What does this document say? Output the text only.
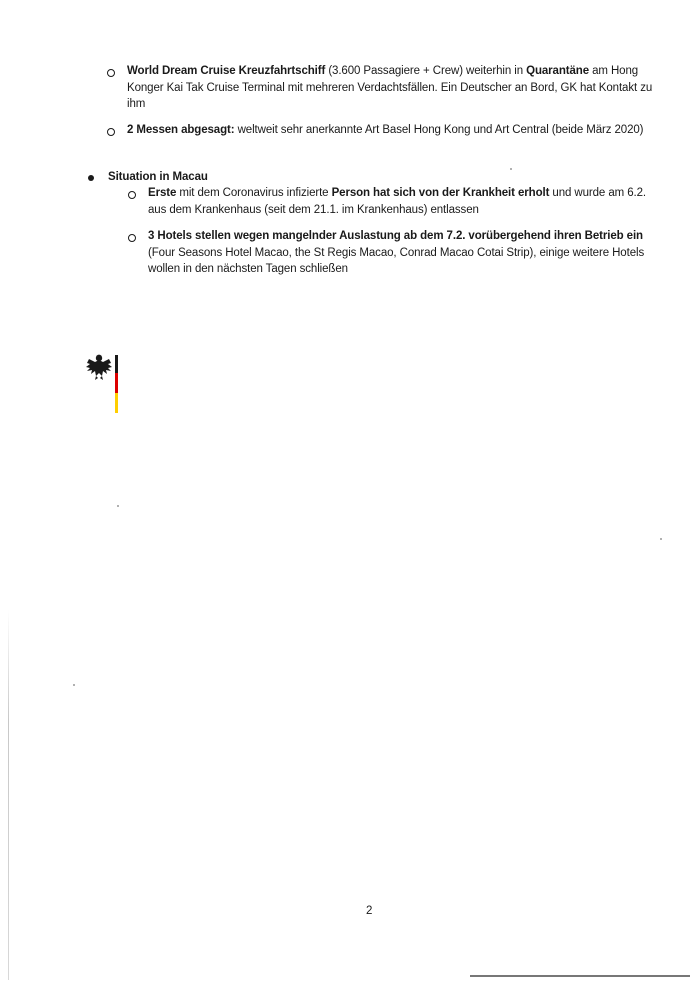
World Dream Cruise Kreuzfahrtschiff (3.600 Passagiere + Crew) weiterhin in Quarantäne am Hong Konger Kai Tak Cruise Terminal mit mehreren Verdachtsfällen. Ein Deutscher an Bord, GK hat Kontakt zu ihm
2 Messen abgesagt: weltweit sehr anerkannte Art Basel Hong Kong und Art Central (beide März 2020)
Situation in Macau
Erste mit dem Coronavirus infizierte Person hat sich von der Krankheit erholt und wurde am 6.2. aus dem Krankenhaus (seit dem 21.1. im Krankenhaus) entlassen
3 Hotels stellen wegen mangelnder Auslastung ab dem 7.2. vorübergehend ihren Betrieb ein (Four Seasons Hotel Macao, the St Regis Macao, Conrad Macao Cotai Strip), einige weitere Hotels wollen in den nächsten Tagen schließen
2
